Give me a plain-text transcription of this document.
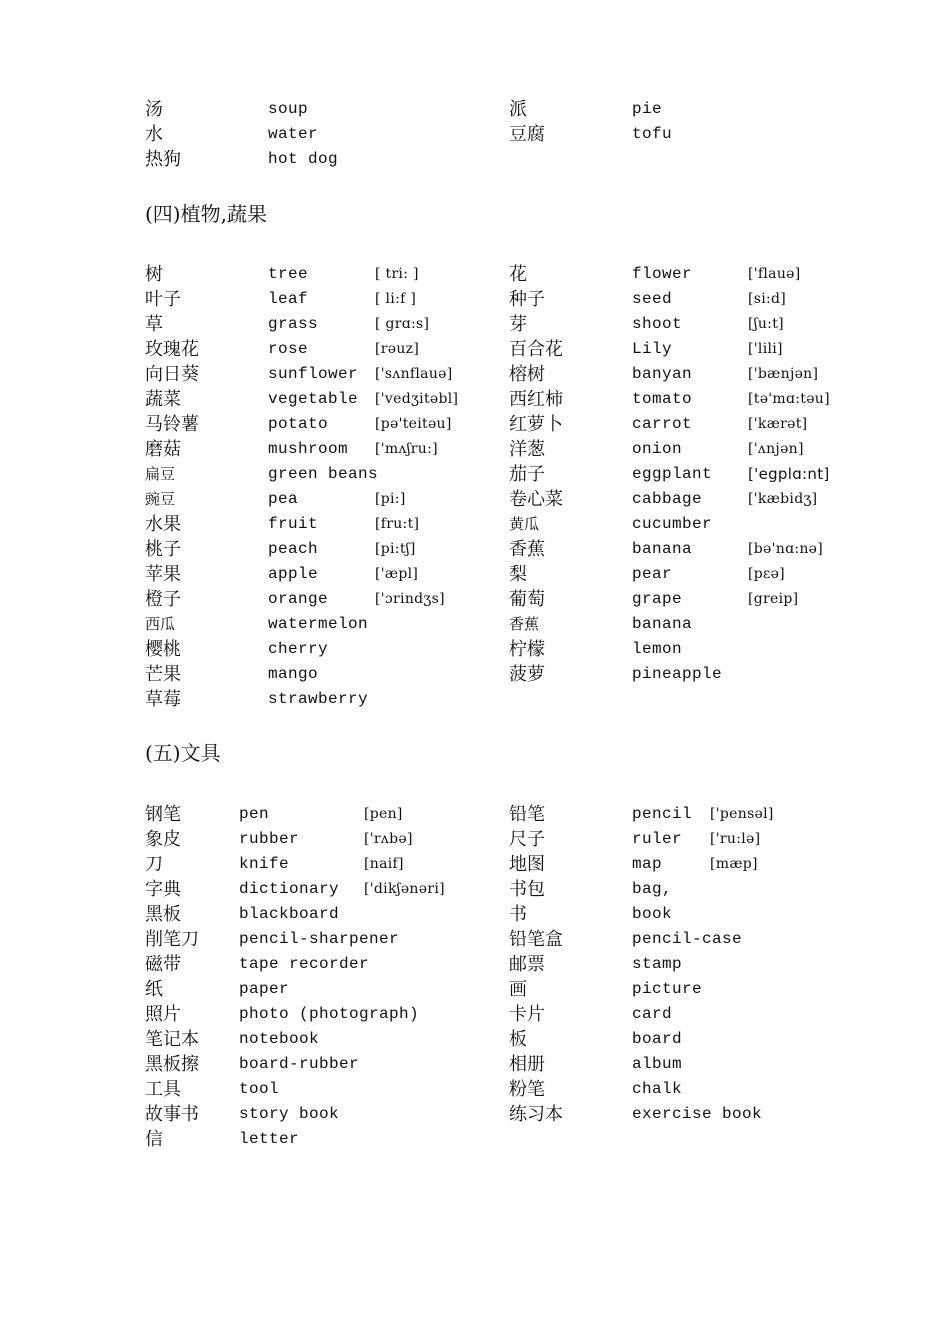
汤	soup	派	pie
水	water	豆腐	tofu
热狗	hot dog
(四)植物,蔬果
树	tree	[ tri: ]	花	flower	['flauә]
叶子	leaf	[ li:f ]	种子	seed	[si:d]
草	grass	[ grɑ:s]	芽	shoot	[ʃu:t]
玫瑰花	rose	[rәuz]	百合花	Lily	['lili]
向日葵	sunflower ['sʌnflauә]	榕树	banyan	['bænjәn]
蔬菜	vegetable ['vedʒitәbl]	西红柿	tomato	[tә'mɑ:tәu]
马铃薯	potato	[pә'teitәu]	红萝卜	carrot	['kærәt]
磨菇	mushroom ['mʌʃru:]	洋葱	onion	['ʌnjәn]
扁豆	green beans	茄子	eggplant ['egplɑ:nt]
豌豆	pea	[pi:]	卷心菜	cabbage	['kæbidʒ]
水果	fruit	[fru:t]	黄瓜	cucumber
桃子	peach	[pi:tʃ]	香蕉	banana	[bә'nɑ:nә]
苹果	apple	['æpl]	梨	pear	[pεә]
橙子	orange	['ɔrindʒs]	葡萄	grape	[greip]
西瓜	watermelon	香蕉	banana
樱桃	cherry	柠檬	lemon
芒果	mango	菠萝	pineapple
草莓	strawberry
(五)文具
钢笔	pen	[pen]	铅笔	pencil ['pensәl]
象皮	rubber	['rʌbә]	尺子	ruler ['ru:lә]
刀	knife	[naif]	地图	map	[mæp]
字典	dictionary ['dikʃәnәri]	书包	bag,
黑板	blackboard	书	book
削笔刀	pencil-sharpener	铅笔盒	pencil-case
磁带	tape recorder	邮票	stamp
纸	paper	画	picture
照片	photo (photograph)	卡片	card
笔记本	notebook	板	board
黑板擦	board-rubber	相册	album
工具	tool	粉笔	chalk
故事书	story book	练习本	exercise book
信	letter
